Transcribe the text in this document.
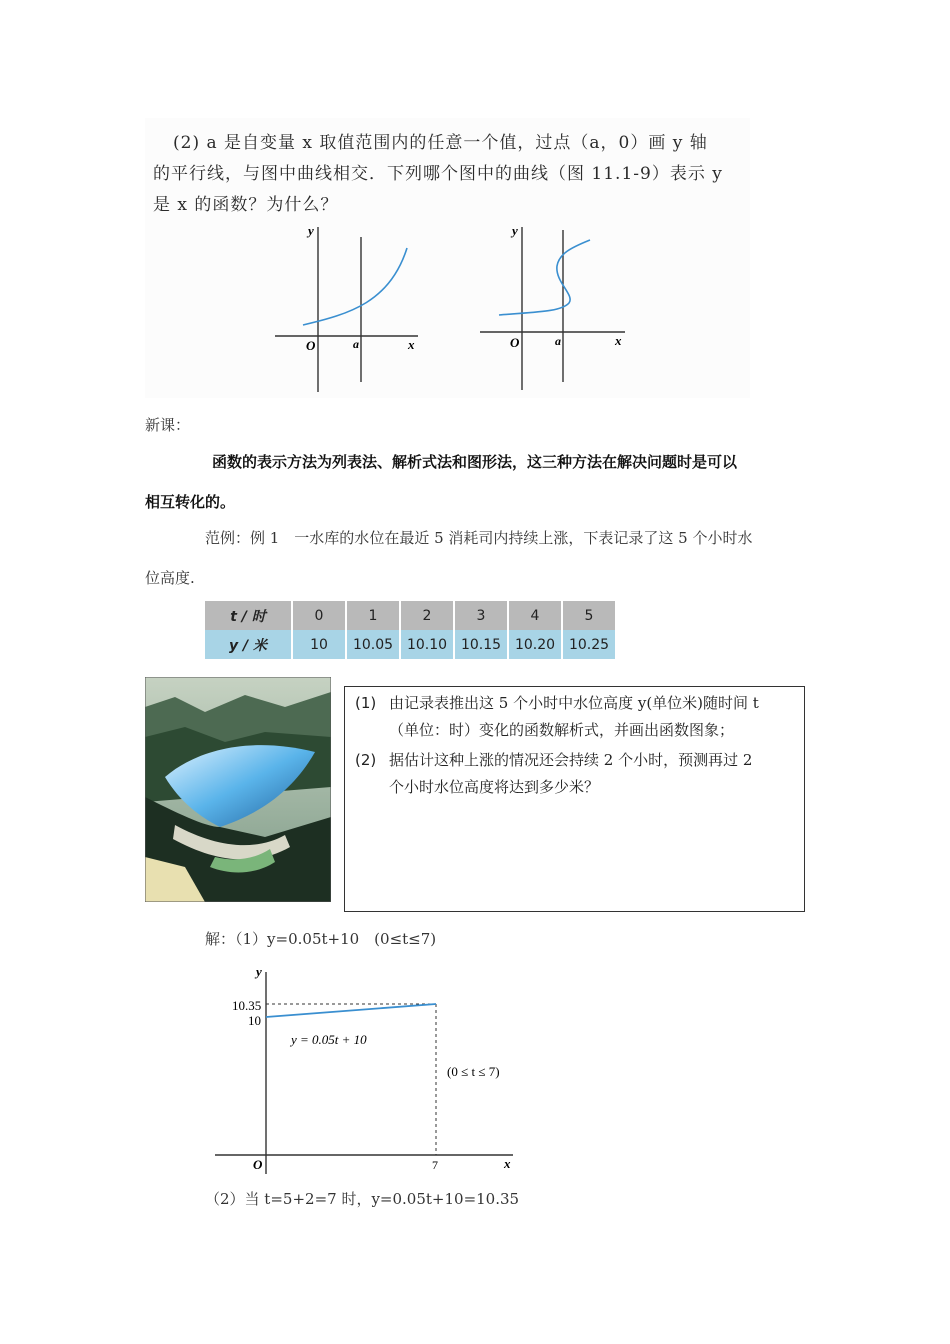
(2) a 是自变量 x 取值范围内的任意一个值，过点（a，0）画 y 轴
的平行线，与图中曲线相交．下列哪个图中的曲线（图 11.1-9）表示 y
是 x 的函数？为什么？
y
x
O	a
y
x
O	a
新课：
函数的表示方法为列表法、解析式法和图形法，这三种方法在解决问题时是可以
相互转化的。
范例：例 1　一水库的水位在最近 5 消耗司内持续上涨，下表记录了这 5 个小时水
位高度.
t / 时	0	1	2	3	4	5
y / 米	10	10.05	10.10	10.15	10.20	10.25
(1) 由记录表推出这 5 个小时中水位高度 y(单位米)随时间 t
（单位：时）变化的函数解析式，并画出函数图象；
(2) 据估计这种上涨的情况还会持续 2 个小时，预测再过 2
个小时水位高度将达到多少米？
解：（1）y=0.05t+10　(0≤t≤7)
y
x
O	7
10.35
10
y = 0.05t + 10
(0 ≤ t ≤ 7)
（2）当 t=5+2=7 时，y=0.05t+10=10.35
